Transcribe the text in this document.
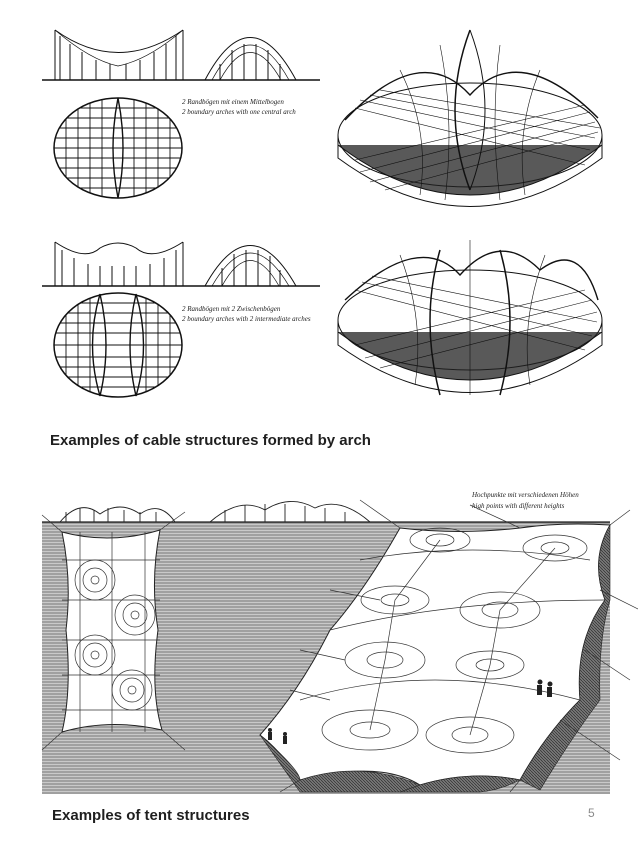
2 Randbögen mit einem Mittelbogen
2 boundary arches with one central arch
2 Randbögen mit 2 Zwischenbögen
2 boundary arches with 2 intermediate arches
Hochpunkte mit verschiedenen Höhen
high points with different heights
Examples of cable structures formed by arch
Examples of tent structures	5
